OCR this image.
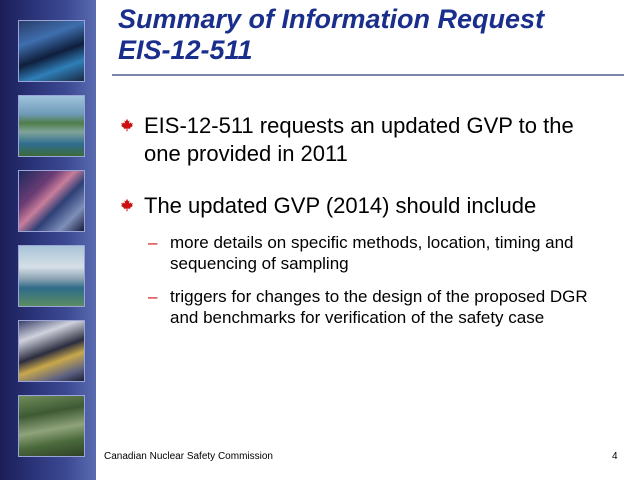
Summary of Information Request
EIS-12-511
EIS-12-511 requests an updated GVP to the one provided in 2011
The updated GVP (2014) should include
– more details on specific methods, location, timing and sequencing of sampling
– triggers for changes to the design of the proposed DGR and benchmarks for verification of the safety case
Canadian Nuclear Safety Commission	4
